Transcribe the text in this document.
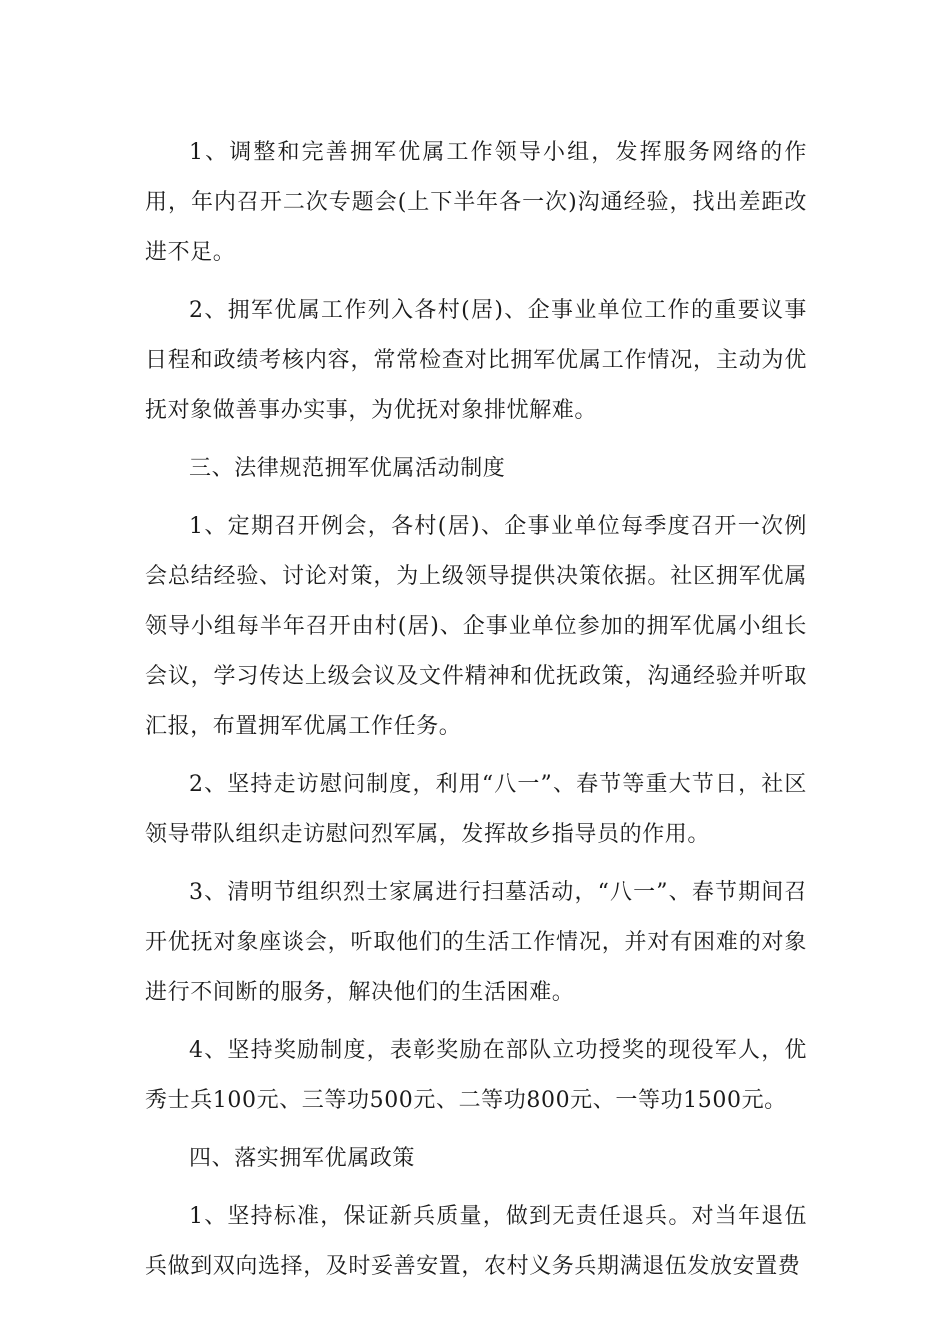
1、调整和完善拥军优属工作领导小组，发挥服务网络的作用，年内召开二次专题会(上下半年各一次)沟通经验，找出差距改进不足。

2、拥军优属工作列入各村(居)、企事业单位工作的重要议事日程和政绩考核内容，常常检查对比拥军优属工作情况，主动为优抚对象做善事办实事，为优抚对象排忧解难。

三、法律规范拥军优属活动制度

1、定期召开例会，各村(居)、企事业单位每季度召开一次例会总结经验、讨论对策，为上级领导提供决策依据。社区拥军优属领导小组每半年召开由村(居)、企事业单位参加的拥军优属小组长会议，学习传达上级会议及文件精神和优抚政策，沟通经验并听取汇报，布置拥军优属工作任务。

2、坚持走访慰问制度，利用“八一”、春节等重大节日，社区领导带队组织走访慰问烈军属，发挥故乡指导员的作用。

3、清明节组织烈士家属进行扫墓活动，“八一”、春节期间召开优抚对象座谈会，听取他们的生活工作情况，并对有困难的对象进行不间断的服务，解决他们的生活困难。

4、坚持奖励制度，表彰奖励在部队立功授奖的现役军人，优秀士兵100元、三等功500元、二等功800元、一等功1500元。

四、落实拥军优属政策

1、坚持标准，保证新兵质量，做到无责任退兵。对当年退伍兵做到双向选择，及时妥善安置，农村义务兵期满退伍发放安置费
